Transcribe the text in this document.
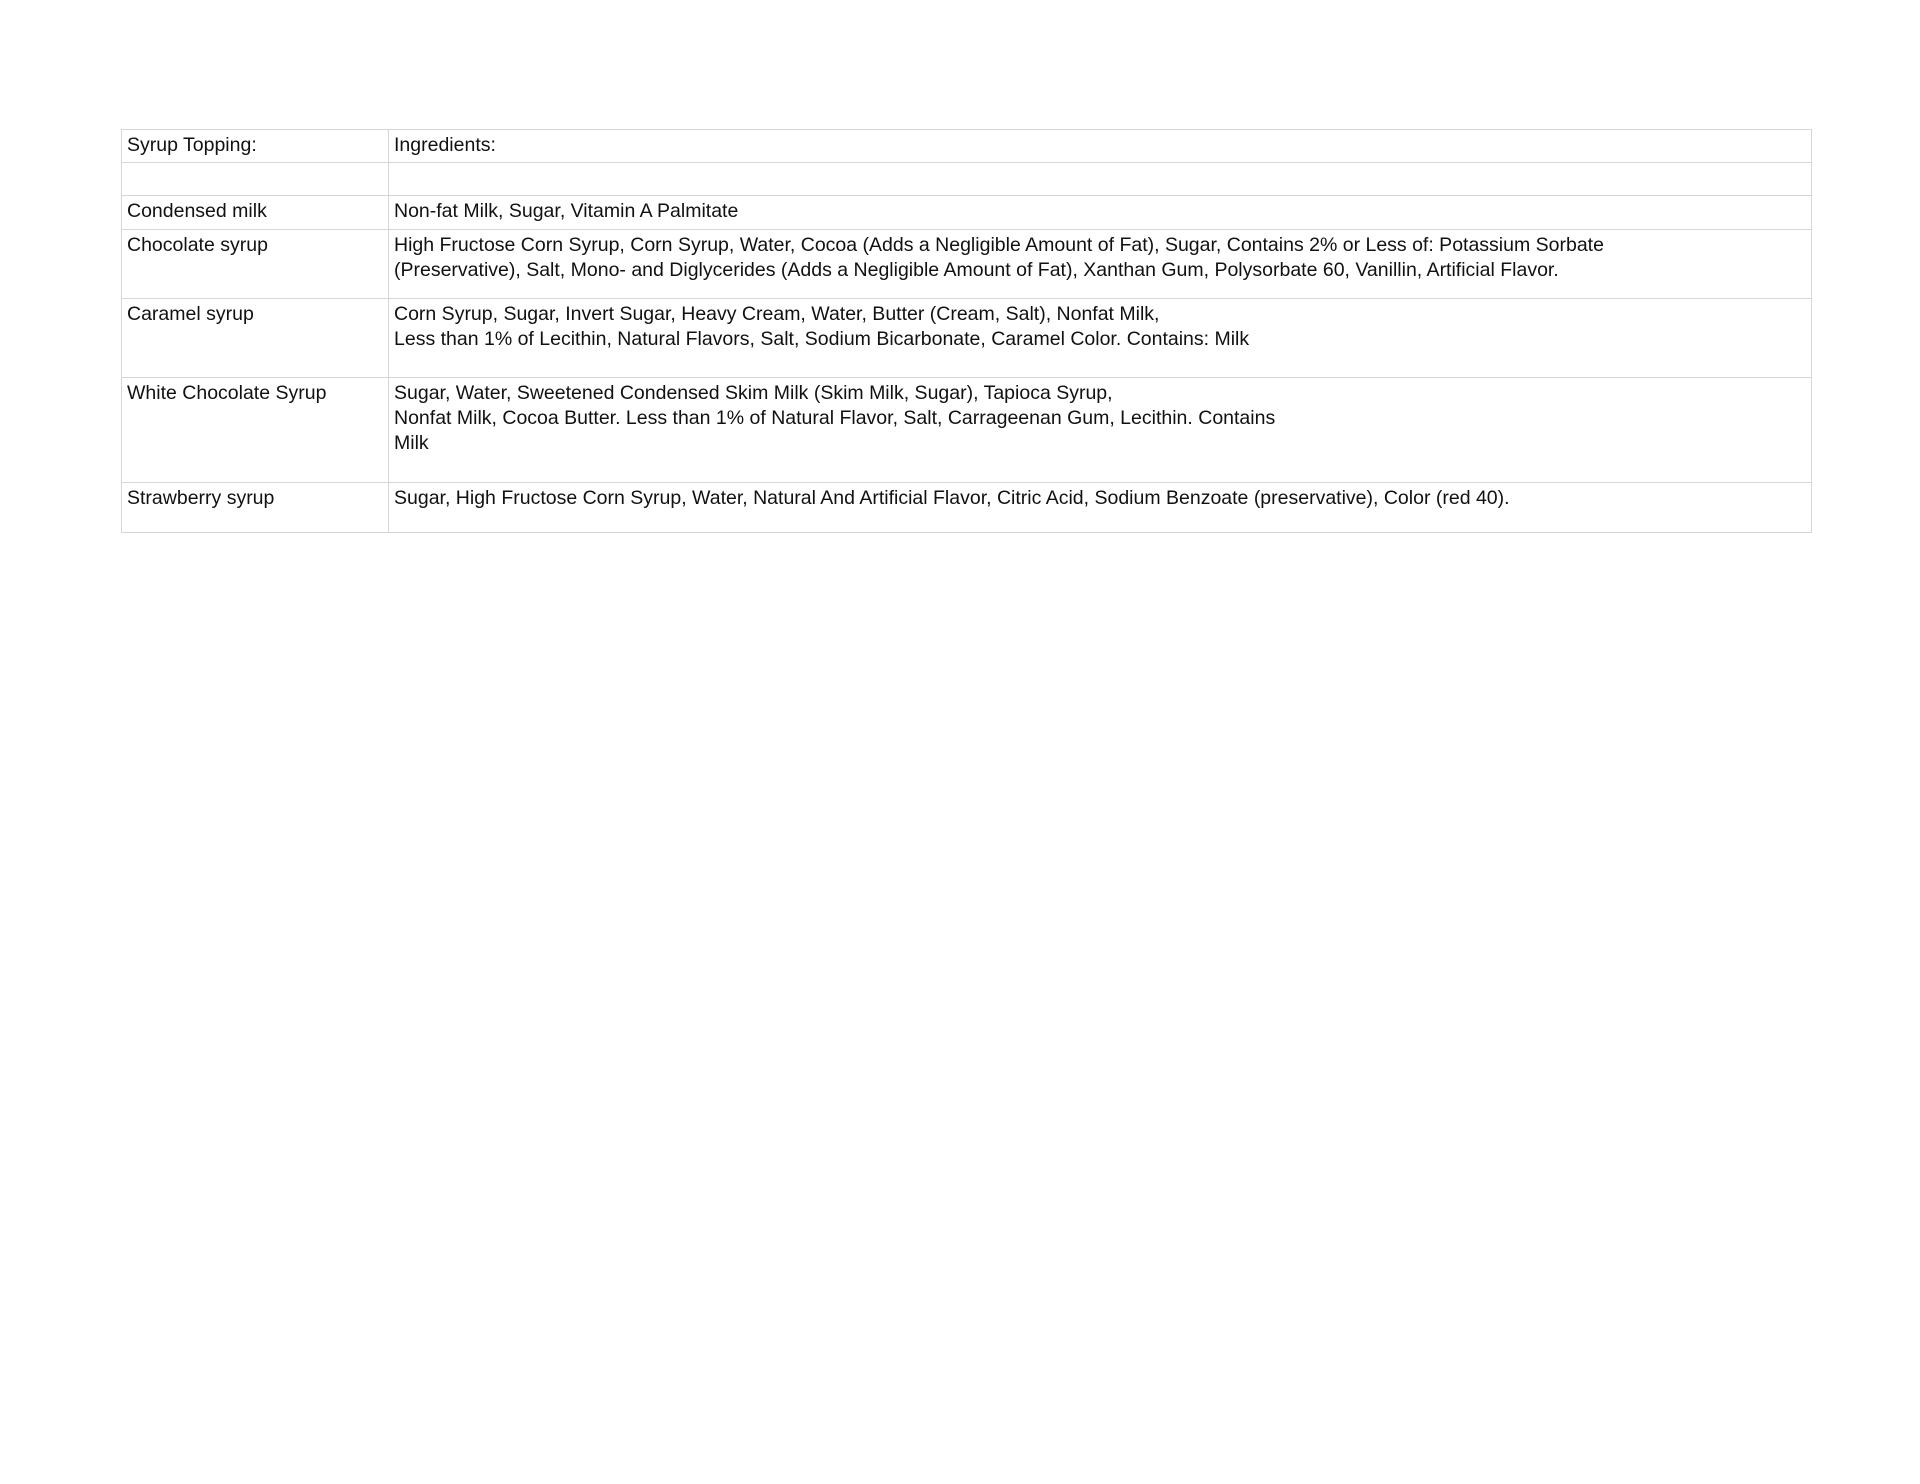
Syrup Topping:	Ingredients:

Condensed milk	Non-fat Milk, Sugar, Vitamin A Palmitate

Chocolate syrup	High Fructose Corn Syrup, Corn Syrup, Water, Cocoa (Adds a Negligible Amount of Fat), Sugar, Contains 2% or Less of: Potassium Sorbate
(Preservative), Salt, Mono- and Diglycerides (Adds a Negligible Amount of Fat), Xanthan Gum, Polysorbate 60, Vanillin, Artificial Flavor.

Caramel syrup	Corn Syrup, Sugar, Invert Sugar, Heavy Cream, Water, Butter (Cream, Salt), Nonfat Milk,
Less than 1% of Lecithin, Natural Flavors, Salt, Sodium Bicarbonate, Caramel Color. Contains: Milk

White Chocolate Syrup	Sugar, Water, Sweetened Condensed Skim Milk (Skim Milk, Sugar), Tapioca Syrup,
Nonfat Milk, Cocoa Butter. Less than 1% of Natural Flavor, Salt, Carrageenan Gum, Lecithin. Contains
Milk

Strawberry syrup	Sugar, High Fructose Corn Syrup, Water, Natural And Artificial Flavor, Citric Acid, Sodium Benzoate (preservative), Color (red 40).
